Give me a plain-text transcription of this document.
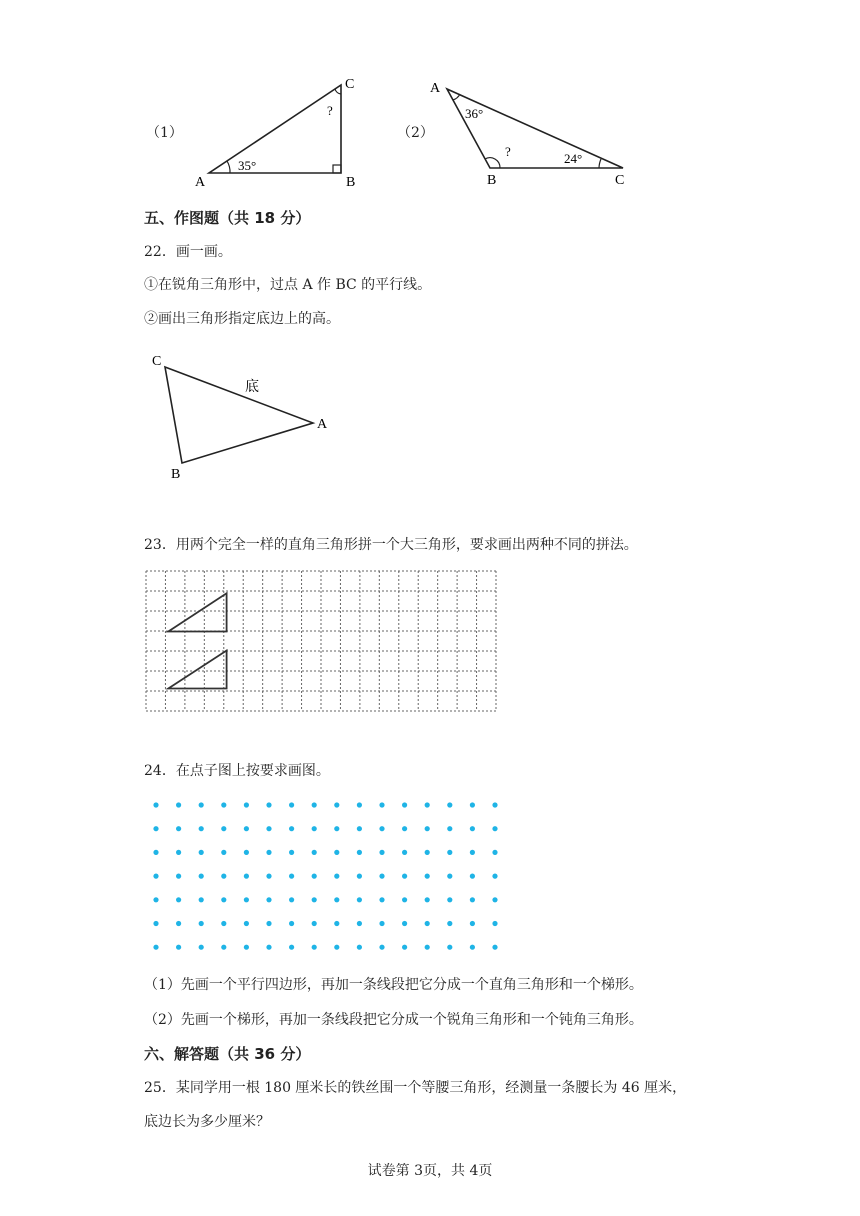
（1）
A	B
C
35°
?
（2）
A
B	C
36°
24°
?
五、作图题（共 18 分）
22．画一画。
①在锐角三角形中，过点 A 作 BC 的平行线。
②画出三角形指定底边上的高。
C
B
A
底
23．用两个完全一样的直角三角形拼一个大三角形，要求画出两种不同的拼法。
24．在点子图上按要求画图。
（1）先画一个平行四边形，再加一条线段把它分成一个直角三角形和一个梯形。
（2）先画一个梯形，再加一条线段把它分成一个锐角三角形和一个钝角三角形。
六、解答题（共 36 分）
25．某同学用一根 180 厘米长的铁丝围一个等腰三角形，经测量一条腰长为 46 厘米，
底边长为多少厘米？
试卷第 3页，共 4页
